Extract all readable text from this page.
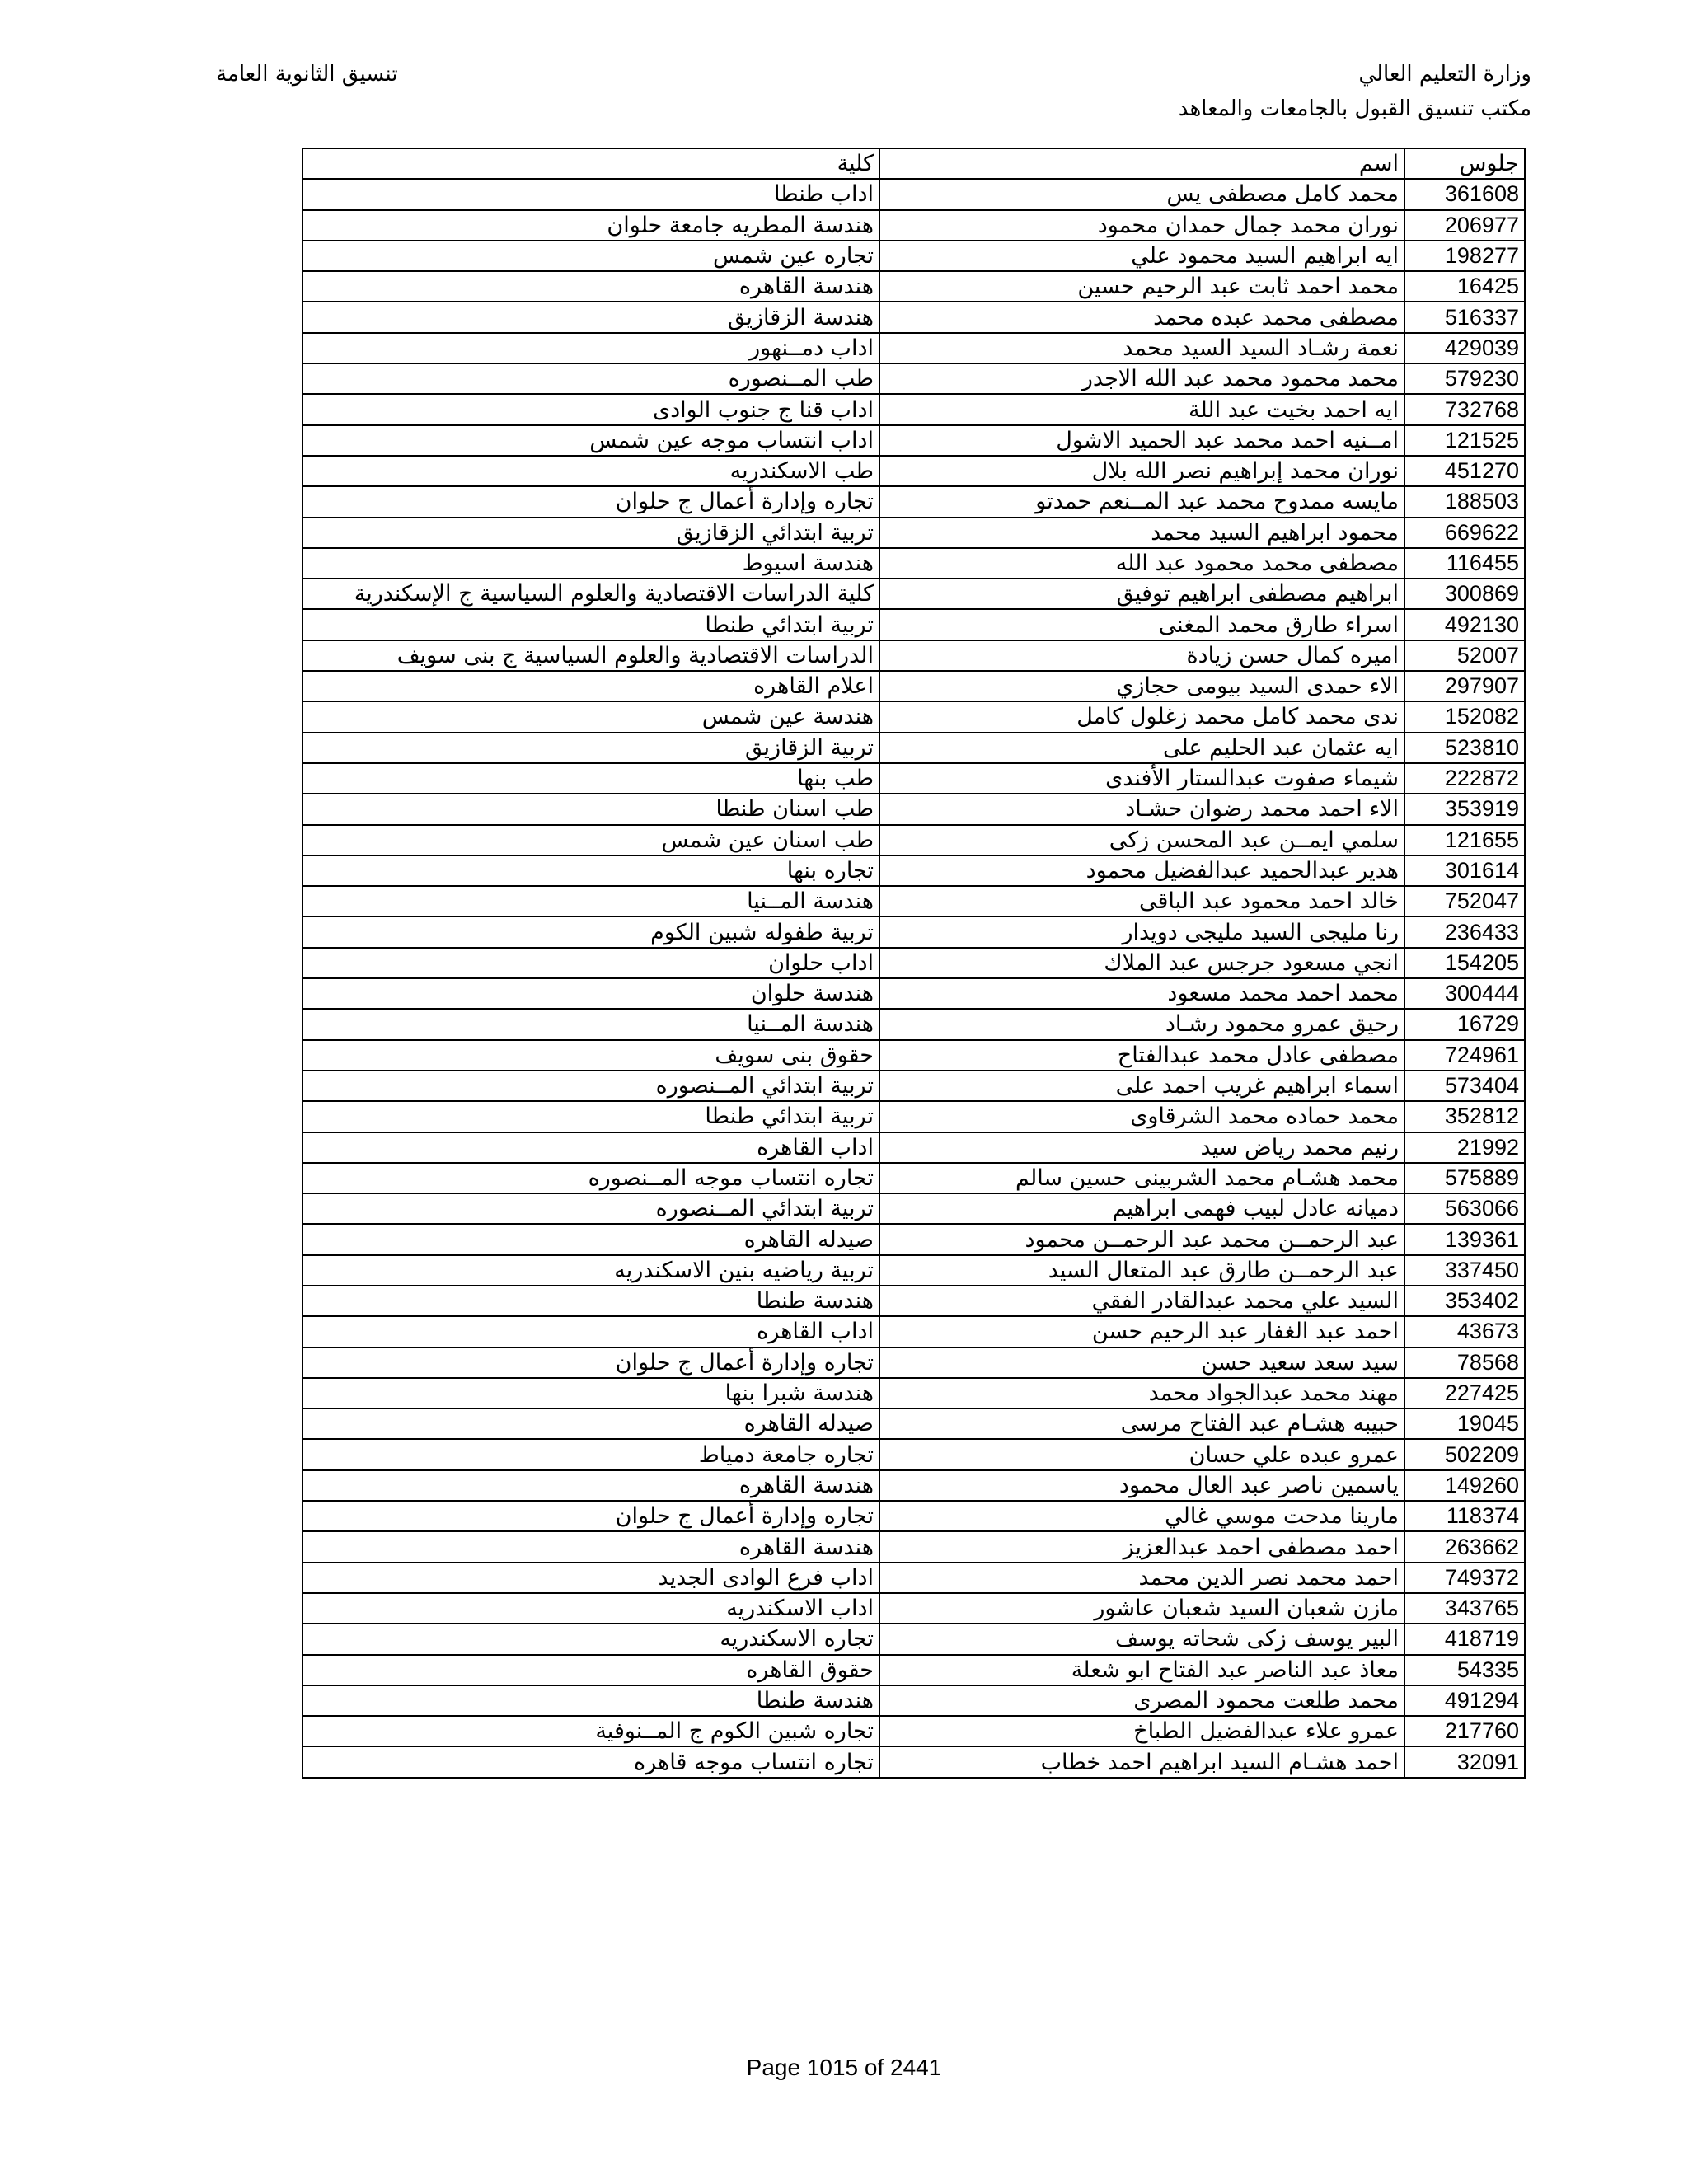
وزارة التعليم العالي
مكتب تنسيق القبول بالجامعات والمعاهد
تنسيق الثانوية العامة
جلوس	اسم	كلية
361608	محمد كامل مصطفى يس	اداب طنطا
206977	نوران محمد جمال حمدان محمود	هندسة المطريه جامعة حلوان
198277	ايه ابراهيم السيد محمود علي	تجاره عين شمس
16425	محمد احمد ثابت عبد الرحيم حسين	هندسة القاهره
516337	مصطفى محمد عبده محمد	هندسة الزقازيق
429039	نعمة رشـاد السيد السيد محمد	اداب دمــنهور
579230	محمد محمود محمد عبد الله الاجدر	طب المــنصوره
732768	ايه احمد بخيت عبد اللة	اداب قنا ج جنوب الوادى
121525	امــنيه احمد محمد عبد الحميد الاشول	اداب انتساب موجه عين شمس
451270	نوران محمد إبراهيم نصر الله بلال	طب الاسكندريه
188503	مايسه ممدوح محمد عبد المــنعم حمدتو	تجاره وإدارة أعمال ج حلوان
669622	محمود ابراهيم السيد محمد	تربية ابتدائي الزقازيق
116455	مصطفى محمد محمود عبد الله	هندسة اسيوط
300869	ابراهيم مصطفى ابراهيم توفيق	كلية الدراسات الاقتصادية والعلوم السياسية ج الإسكندرية
492130	اسراء طارق محمد المغنى	تربية ابتدائي طنطا
52007	اميره كمال حسن زيادة	الدراسات الاقتصادية والعلوم السياسية ج بنى سويف
297907	الاء حمدى السيد بيومى حجازي	اعلام القاهره
152082	ندى محمد كامل محمد زغلول كامل	هندسة عين شمس
523810	ايه عثمان عبد الحليم على	تربية الزقازيق
222872	شيماء صفوت عبدالستار الأفندى	طب بنها
353919	الاء احمد محمد رضوان حشـاد	طب اسنان طنطا
121655	سلمي ايمــن عبد المحسن زكى	طب اسنان عين شمس
301614	هدير عبدالحميد عبدالفضيل محمود	تجاره بنها
752047	خالد احمد محمود عبد الباقى	هندسة المــنيا
236433	رنا مليجى السيد مليجى دويدار	تربية طفوله شبين الكوم
154205	انجي مسعود جرجس عبد الملاك	اداب حلوان
300444	محمد احمد محمد مسعود	هندسة حلوان
16729	رحيق عمرو محمود رشـاد	هندسة المــنيا
724961	مصطفى عادل محمد عبدالفتاح	حقوق بنى سويف
573404	اسماء ابراهيم غريب احمد على	تربية ابتدائي المــنصوره
352812	محمد حماده محمد الشرقاوى	تربية ابتدائي طنطا
21992	رنيم محمد رياض سيد	اداب القاهره
575889	محمد هشـام محمد الشربينى حسين سالم	تجاره انتساب موجه المــنصوره
563066	دميانه عادل لبيب فهمى ابراهيم	تربية ابتدائي المــنصوره
139361	عبد الرحمــن محمد عبد الرحمــن محمود	صيدله القاهره
337450	عبد الرحمــن طارق عبد المتعال السيد	تربية رياضيه بنين الاسكندريه
353402	السيد علي محمد عبدالقادر الفقي	هندسة طنطا
43673	احمد عبد الغفار عبد الرحيم حسن	اداب القاهره
78568	سيد سعد سعيد حسن	تجاره وإدارة أعمال ج حلوان
227425	مهند محمد عبدالجواد محمد	هندسة شبرا بنها
19045	حبيبه هشـام عبد الفتاح مرسى	صيدله القاهره
502209	عمرو عبده علي حسان	تجاره جامعة دمياط
149260	ياسمين ناصر عبد العال محمود	هندسة القاهره
118374	مارينا مدحت موسي غالي	تجاره وإدارة أعمال ج حلوان
263662	احمد مصطفى احمد عبدالعزيز	هندسة القاهره
749372	احمد محمد نصر الدين محمد	اداب فرع الوادى الجديد
343765	مازن شعبان السيد شعبان عاشور	اداب الاسكندريه
418719	البير يوسف زكى شحاته يوسف	تجاره الاسكندريه
54335	معاذ عبد الناصر عبد الفتاح ابو شعلة	حقوق القاهره
491294	محمد طلعت محمود المصرى	هندسة طنطا
217760	عمرو علاء عبدالفضيل الطباخ	تجاره شبين الكوم ج المــنوفية
32091	احمد هشـام السيد ابراهيم احمد خطاب	تجاره انتساب موجه قاهره
Page 1015 of 2441
